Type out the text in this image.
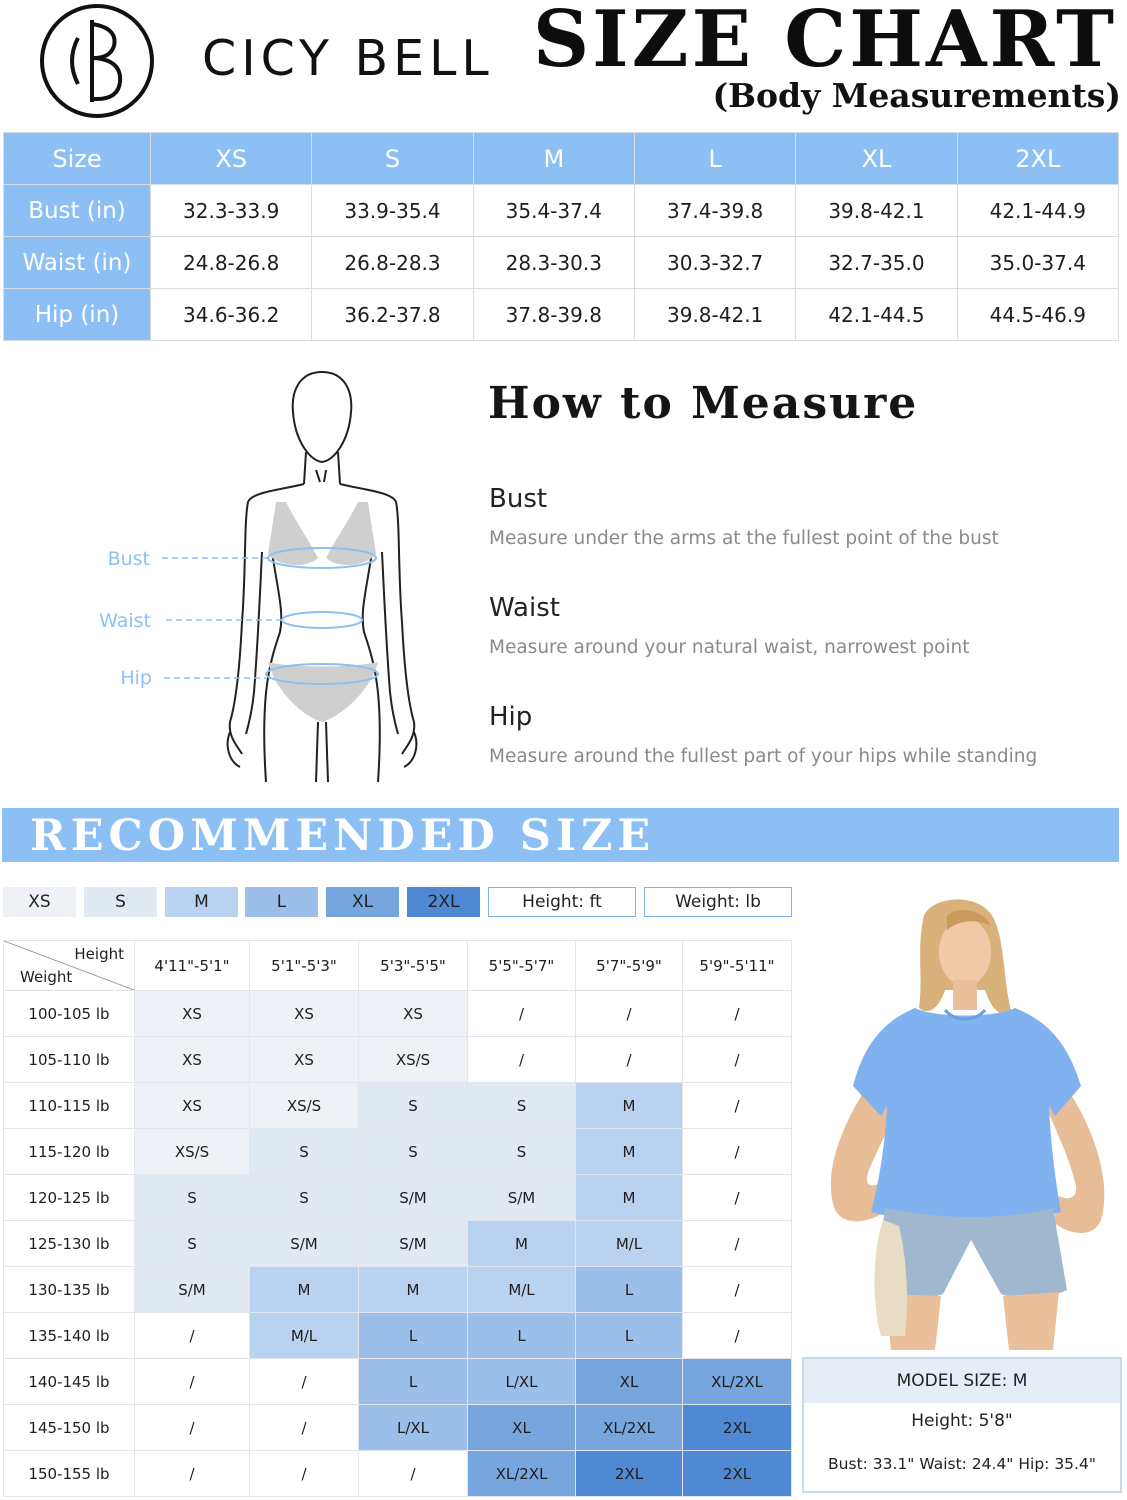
CICY BELL SIZE CHART
(Body Measurements)
Size	XS	S	M	L	XL	2XL
Bust (in)	32.3-33.9	33.9-35.4	35.4-37.4	37.4-39.8	39.8-42.1	42.1-44.9
Waist (in)	24.8-26.8	26.8-28.3	28.3-30.3	30.3-32.7	32.7-35.0	35.0-37.4
Hip (in)	34.6-36.2	36.2-37.8	37.8-39.8	39.8-42.1	42.1-44.5	44.5-46.9
Bust
Waist
Hip
How to Measure
Bust
Measure under the arms at the fullest point of the bust
Waist
Measure around your natural waist, narrowest point
Hip
Measure around the fullest part of your hips while standing
RECOMMENDED SIZE
XS	S	M	L	XL	2XL	Height: ft	Weight: lb
Height
Weight	4'11"-5'1"	5'1"-5'3"	5'3"-5'5"	5'5"-5'7"	5'7"-5'9"	5'9"-5'11"
100-105 lb	XS	XS	XS	/	/	/
105-110 lb	XS	XS	XS/S	/	/	/
110-115 lb	XS	XS/S	S	S	M	/
115-120 lb	XS/S	S	S	S	M	/
120-125 lb	S	S	S/M	S/M	M	/
125-130 lb	S	S/M	S/M	M	M/L	/
130-135 lb	S/M	M	M	M/L	L	/
135-140 lb	/	M/L	L	L	L	/
140-145 lb	/	/	L	L/XL	XL	XL/2XL
145-150 lb	/	/	L/XL	XL	XL/2XL	2XL
150-155 lb	/	/	/	XL/2XL	2XL	2XL
MODEL SIZE: M
Height: 5'8"
Bust: 33.1" Waist: 24.4" Hip: 35.4"
